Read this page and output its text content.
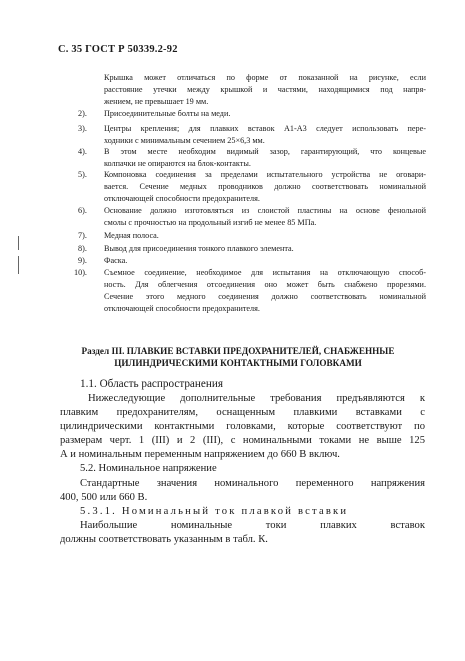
С. 35 ГОСТ Р 50339.2-92
Крышка может отличаться по форме от показанной на рисунке, если
расстояние утечки между крышкой и частями, находящимися под напря-
жением, не превышает 19 мм.
2). Присоединительные болты на меди.
3). Центры крепления; для плавких вставок А1-А3 следует использовать пере-
ходники с минимальным сечением 25×6,3 мм.
4). В этом месте необходим видимый зазор, гарантирующий, что концевые
колпачки не опираются на блок-контакты.
5). Компоновка соединения за пределами испытательного устройства не оговари-
вается. Сечение медных проводников должно соответствовать номинальной
отключающей способности предохранителя.
6). Основание должно изготовляться из слоистой пластины на основе фенольной
смолы с прочностью на продольный изгиб не менее 85 МПа.
7). Медная полоса.
8). Вывод для присоединения тонкого плавкого элемента.
9). Фаска.
10). Съемное соединение, необходимое для испытания на отключающую способ-
ность. Для облегчения отсоединения оно может быть снабжено прорезями.
Сечение этого медного соединения должно соответствовать номинальной
отключающей способности предохранителя.
Раздел III. ПЛАВКИЕ ВСТАВКИ ПРЕДОХРАНИТЕЛЕЙ, СНАБЖЕННЫЕ
ЦИЛИНДРИЧЕСКИМИ КОНТАКТНЫМИ ГОЛОВКАМИ
1.1. Область распространения
Нижеследующие дополнительные требования предъявляются к
плавким предохранителям, оснащенным плавкими вставками с
цилиндрическими контактными головками, которые соответствуют по
размерам черт. 1 (III) и 2 (III), с номинальными токами не выше 125
А и номинальным переменным напряжением до 660 В включ.
5.2. Номинальное напряжение
Стандартные значения номинального переменного напряжения
400, 500 или 660 В.
5.3.1. Номинальный ток плавкой вставки
Наибольшие номинальные токи плавких вставок
должны соответствовать указанным в табл. К.
